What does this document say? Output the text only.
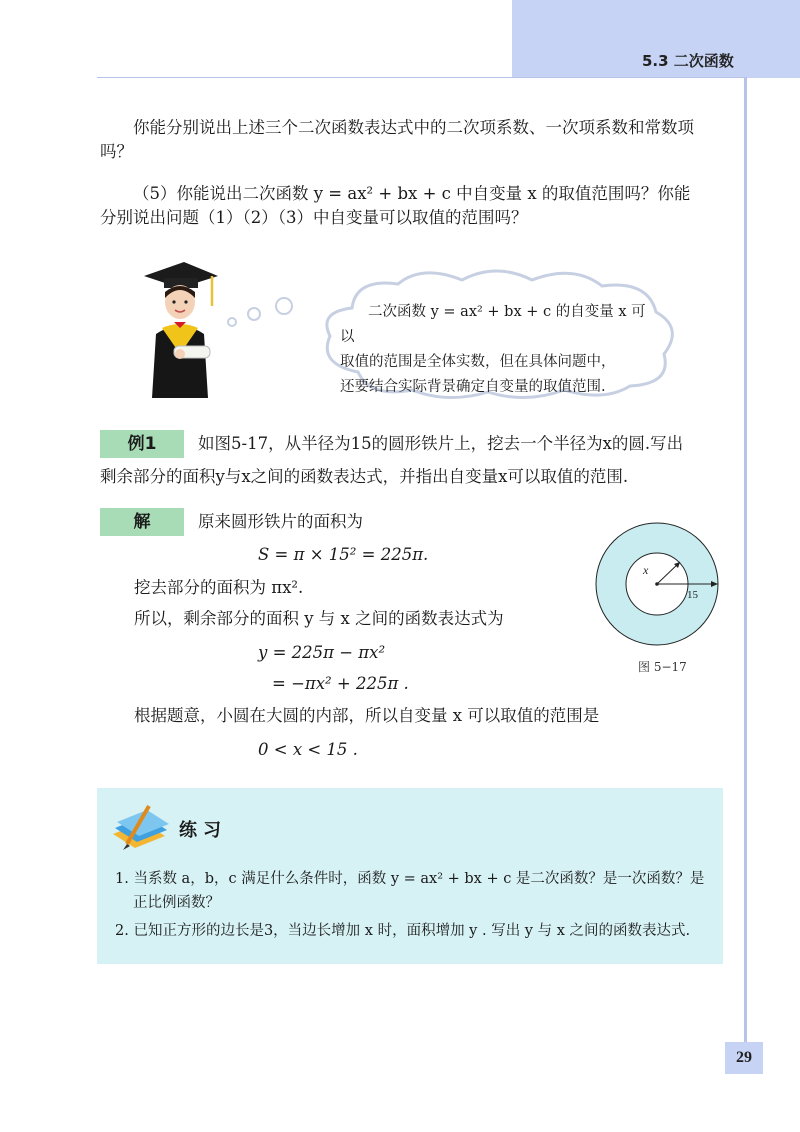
5.3 二次函数
你能分别说出上述三个二次函数表达式中的二次项系数、一次项系数和常数项吗？
（5）你能说出二次函数 y = ax² + bx + c 中自变量 x 的取值范围吗？你能分别说出问题（1）（2）（3）中自变量可以取值的范围吗？
二次函数 y = ax² + bx + c 的自变量 x 可以
取值的范围是全体实数，但在具体问题中，
还要结合实际背景确定自变量的取值范围.
例1	如图5-17，从半径为15的圆形铁片上，挖去一个半径为x的圆.写出
剩余部分的面积y与x之间的函数表达式，并指出自变量x可以取值的范围.
解	原来圆形铁片的面积为
S = π × 15² = 225π.
挖去部分的面积为 πx².
所以，剩余部分的面积 y 与 x 之间的函数表达式为
y = 225π − πx²
= −πx² + 225π .
根据题意，小圆在大圆的内部，所以自变量 x 可以取值的范围是
0 < x < 15 .
x
15
图 5−17
练习
1. 当系数 a，b，c 满足什么条件时，函数 y = ax² + bx + c 是二次函数？是一次函数？是
正比例函数？
2. 已知正方形的边长是3，当边长增加 x 时，面积增加 y . 写出 y 与 x 之间的函数表达式.
29
